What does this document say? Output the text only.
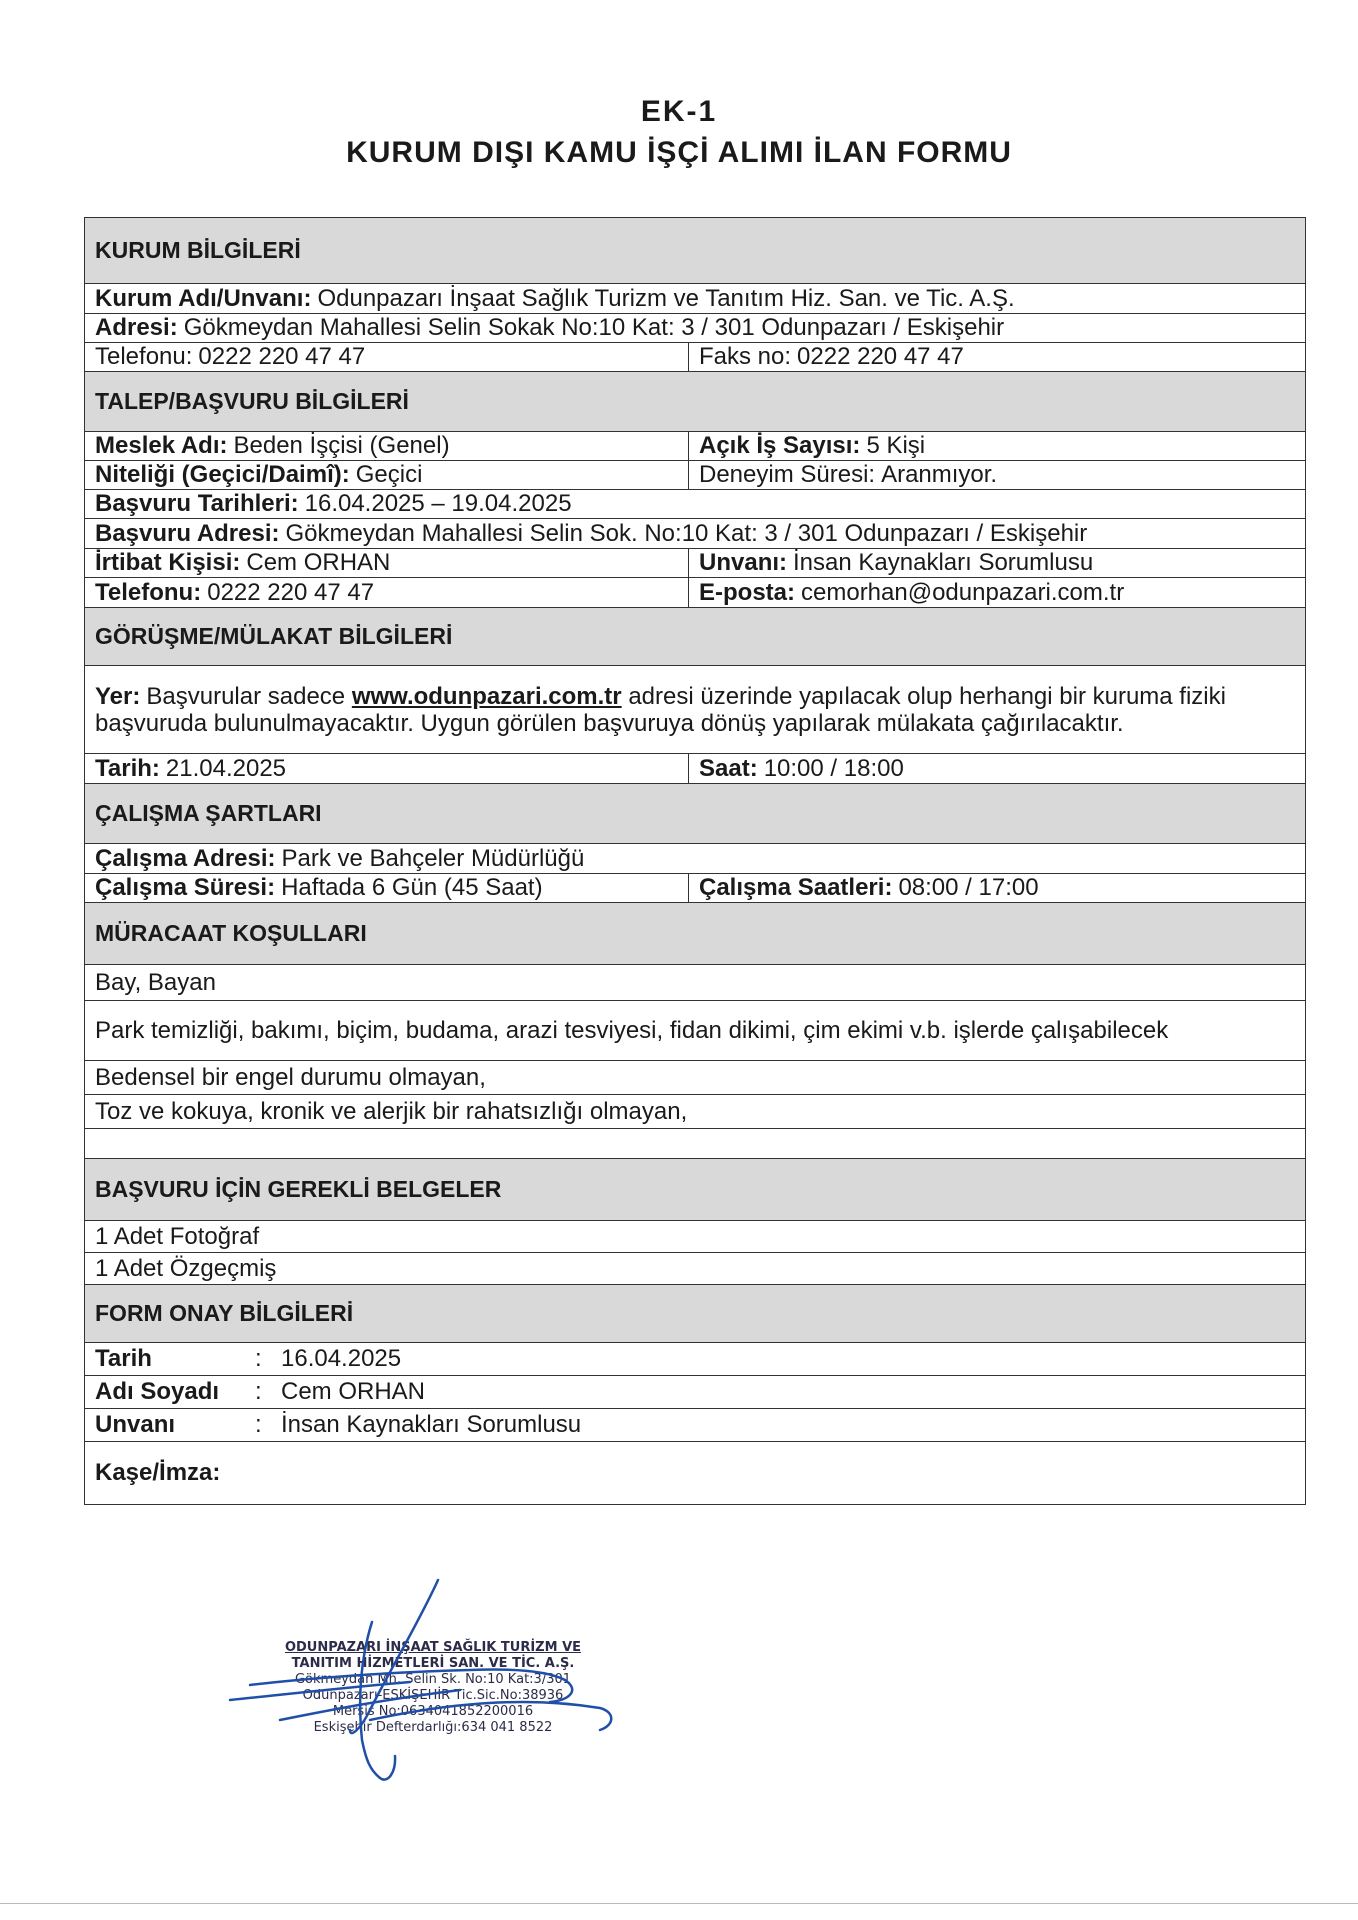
EK-1
KURUM DIŞI KAMU İŞÇİ ALIMI İLAN FORMU
KURUM BİLGİLERİ
Kurum Adı/Unvanı: Odunpazarı İnşaat Sağlık Turizm ve Tanıtım Hiz. San. ve Tic. A.Ş.
Adresi: Gökmeydan Mahallesi Selin Sokak No:10 Kat: 3 / 301 Odunpazarı / Eskişehir
Telefonu: 0222 220 47 47	Faks no: 0222 220 47 47
TALEP/BAŞVURU BİLGİLERİ
Meslek Adı: Beden İşçisi (Genel)	Açık İş Sayısı: 5 Kişi
Niteliği (Geçici/Daimî): Geçici	Deneyim Süresi: Aranmıyor.
Başvuru Tarihleri: 16.04.2025 – 19.04.2025
Başvuru Adresi: Gökmeydan Mahallesi Selin Sok. No:10 Kat: 3 / 301 Odunpazarı / Eskişehir
İrtibat Kişisi: Cem ORHAN	Unvanı: İnsan Kaynakları Sorumlusu
Telefonu: 0222 220 47 47	E-posta: cemorhan@odunpazari.com.tr
GÖRÜŞME/MÜLAKAT BİLGİLERİ
Yer: Başvurular sadece www.odunpazari.com.tr adresi üzerinde yapılacak olup herhangi bir kuruma fiziki başvuruda bulunulmayacaktır. Uygun görülen başvuruya dönüş yapılarak mülakata çağırılacaktır.
Tarih: 21.04.2025	Saat: 10:00 / 18:00
ÇALIŞMA ŞARTLARI
Çalışma Adresi: Park ve Bahçeler Müdürlüğü
Çalışma Süresi: Haftada 6 Gün (45 Saat)	Çalışma Saatleri: 08:00 / 17:00
MÜRACAAT KOŞULLARI
Bay, Bayan
Park temizliği, bakımı, biçim, budama, arazi tesviyesi, fidan dikimi, çim ekimi v.b. işlerde çalışabilecek
Bedensel bir engel durumu olmayan,
Toz ve kokuya, kronik ve alerjik bir rahatsızlığı olmayan,
BAŞVURU İÇİN GEREKLİ BELGELER
1 Adet Fotoğraf
1 Adet Özgeçmiş
FORM ONAY BİLGİLERİ
Tarih	: 16.04.2025
Adı Soyadı : Cem ORHAN
Unvanı	: İnsan Kaynakları Sorumlusu
Kaşe/İmza:
ODUNPAZARI İNŞAAT SAĞLIK TURİZM VE
TANITIM HİZMETLERİ SAN. VE TİC. A.Ş.
Gökmeydan Mh. Selin Sk. No:10 Kat:3/301
Odunpazarı-ESKİŞEHİR Tic.Sic.No:38936
Mersis No:0634041852200016
Eskişehir Defterdarlığı:634 041 8522
